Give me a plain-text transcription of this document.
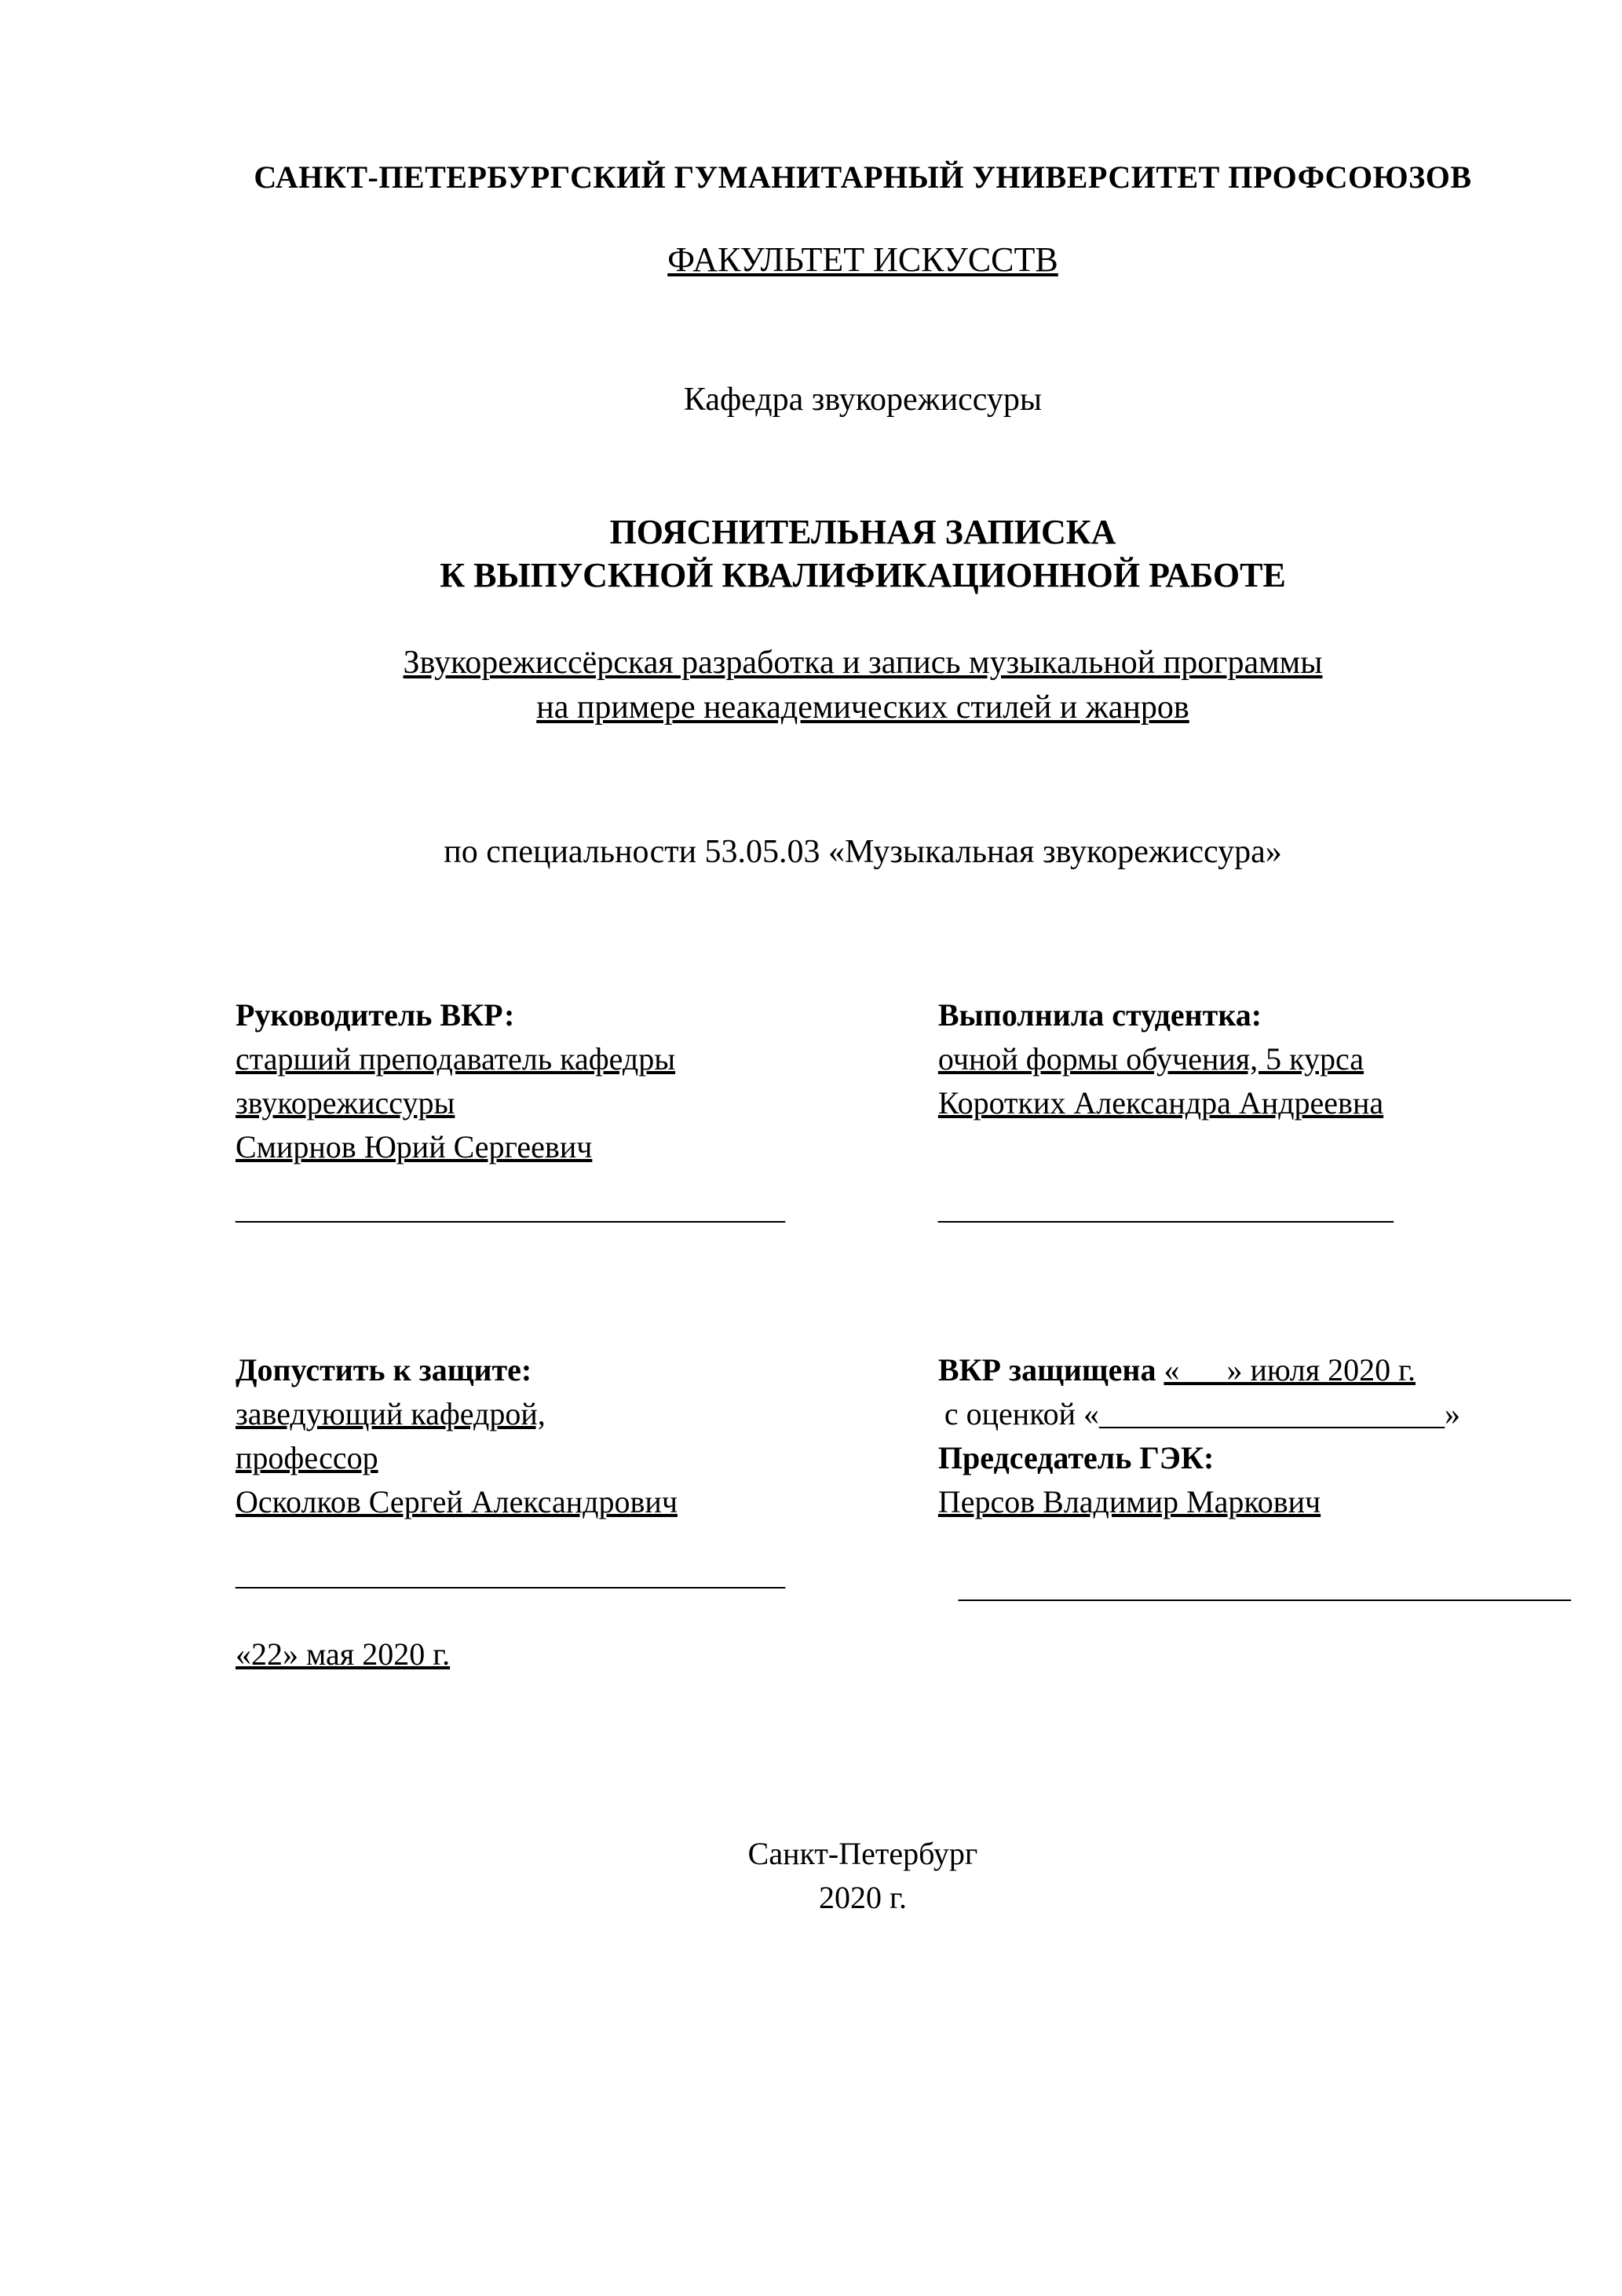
САНКТ-ПЕТЕРБУРГСКИЙ ГУМАНИТАРНЫЙ УНИВЕРСИТЕТ ПРОФСОЮЗОВ
ФАКУЛЬТЕТ ИСКУССТВ
Кафедра звукорежиссуры
ПОЯСНИТЕЛЬНАЯ ЗАПИСКА
К ВЫПУСКНОЙ КВАЛИФИКАЦИОННОЙ РАБОТЕ
Звукорежиссёрская разработка и запись музыкальной программы
на примере неакадемических стилей и жанров
по специальности 53.05.03 «Музыкальная звукорежиссура»
Руководитель ВКР:
старший преподаватель кафедры
звукорежиссуры
Смирнов Юрий Сергеевич
___________________________________
Выполнила студентка:
очной формы обучения, 5 курса
Коротких Александра Андреевна
_____________________________
Допустить к защите:
заведующий кафедрой,
профессор
Осколков Сергей Александрович
___________________________________
ВКР защищена «___» июля 2020 г.
с оценкой «______________________»
Председатель ГЭК:
Персов Владимир Маркович
_______________________________________
«22» мая 2020 г.
Санкт-Петербург
2020 г.
